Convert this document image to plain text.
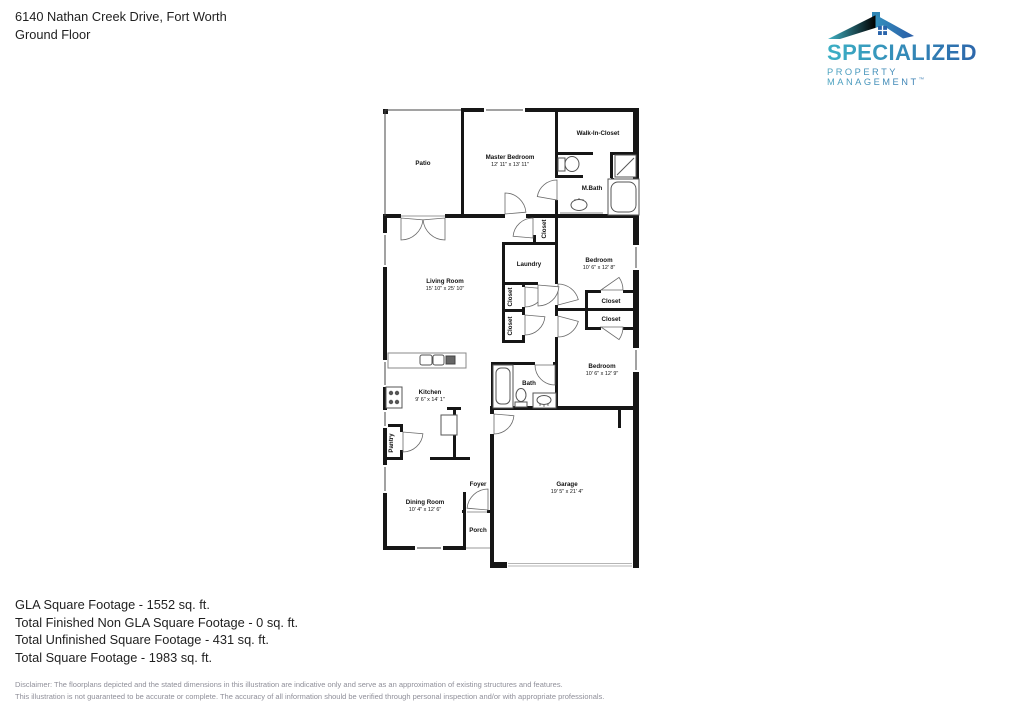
6140 Nathan Creek Drive, Fort Worth
Ground Floor
SPECIALIZED
PROPERTY MANAGEMENT™
Patio
Master Bedroom
12' 11" x 13' 11"
Walk-In-Closet
M.Bath
Living Room
15' 10" x 25' 10"
Closet
Laundry
Bedroom
10' 6" x 12' 8"
Closet
Closet
Closet
Closet
Kitchen
9' 6" x 14' 1"
Bath
Bedroom
10' 6" x 12' 9"
Pantry
Foyer	Garage
19' 5" x 21' 4"
Dining Room
10' 4" x 12' 6"
Porch
GLA Square Footage - 1552 sq. ft.
Total Finished Non GLA Square Footage - 0 sq. ft.
Total Unfinished Square Footage - 431 sq. ft.
Total Square Footage - 1983 sq. ft.
Disclaimer: The floorplans depicted and the stated dimensions in this illustration are indicative only and serve as an approximation of existing structures and features.
This illustration is not guaranteed to be accurate or complete. The accuracy of all information should be verified through personal inspection and/or with appropriate professionals.
